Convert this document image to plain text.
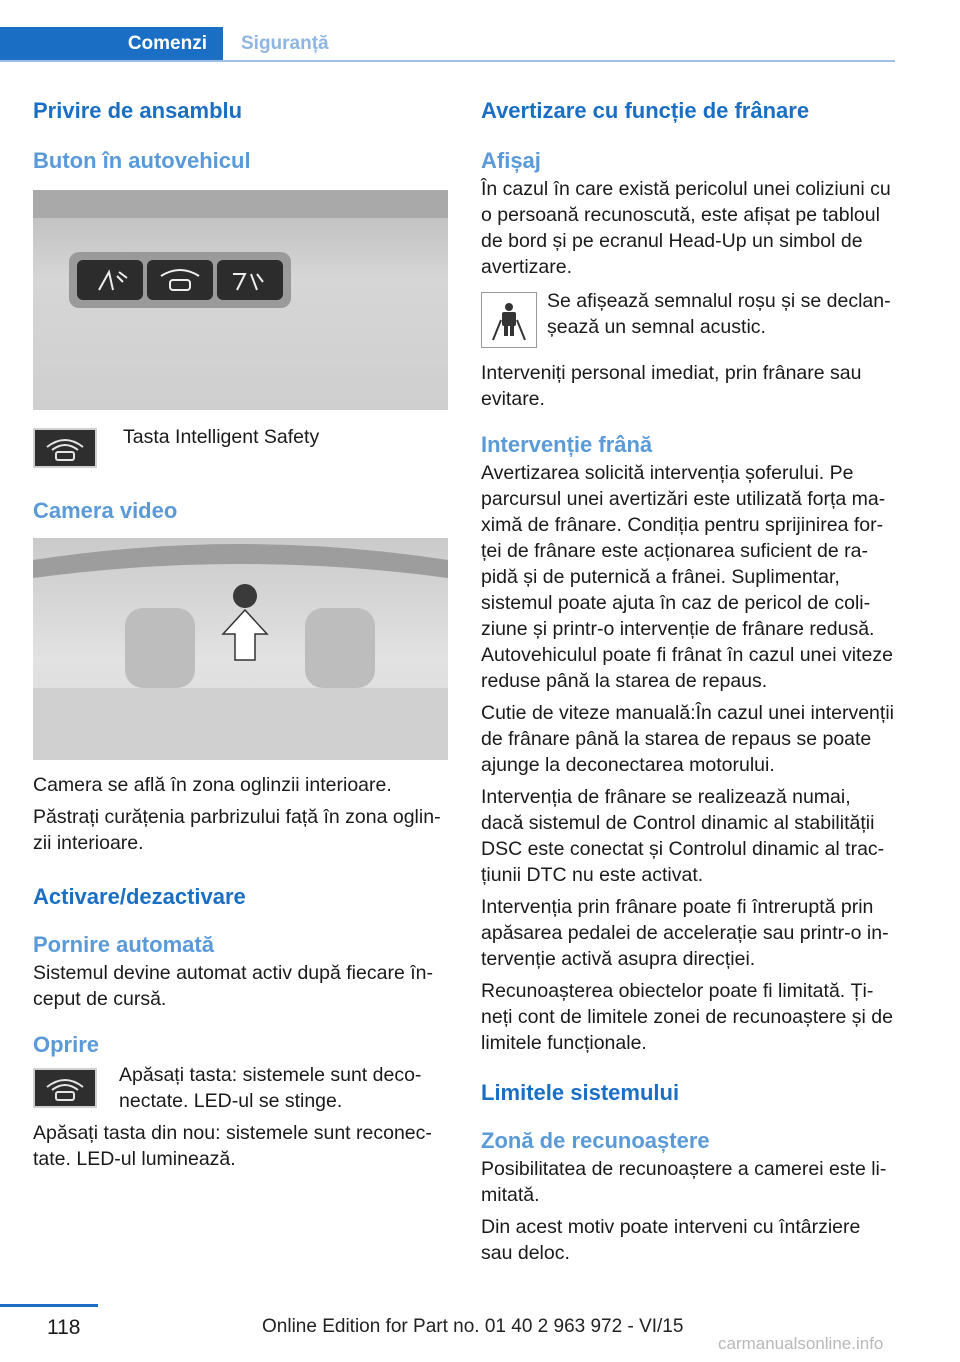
Comenzi	Siguranță
Privire de ansamblu
Buton în autovehicul

Tasta Intelligent Safety

Camera video

Camera se află în zona oglinzii interioare.

Păstrați curățenia parbrizului față în zona oglinzii interioare.

Activare/dezactivare
Pornire automată

Sistemul devine automat activ după fiecare început de cursă.

Oprire

Apăsați tasta: sistemele sunt deconectate. LED-ul se stinge.

Apăsați tasta din nou: sistemele sunt reconectate. LED-ul luminează.

Avertizare cu funcție de frânare
Afișaj

În cazul în care există pericolul unei coliziuni cu o persoană recunoscută, este afișat pe tabloul de bord și pe ecranul Head-Up un simbol de avertizare.

Se afișează semnalul roșu și se declanșează un semnal acustic.

Interveniți personal imediat, prin frânare sau evitare.

Intervenție frână

Avertizarea solicită intervenția șoferului. Pe parcursul unei avertizări este utilizată forța maximă de frânare. Condiția pentru sprijinirea forței de frânare este acționarea suficient de rapidă și de puternică a frânei. Suplimentar, sistemul poate ajuta în caz de pericol de coliziune și printr-o intervenție de frânare redusă. Autovehiculul poate fi frânat în cazul unei viteze reduse până la starea de repaus.

Cutie de viteze manuală:În cazul unei intervenții de frânare până la starea de repaus se poate ajunge la deconectarea motorului.

Intervenția de frânare se realizează numai, dacă sistemul de Control dinamic al stabilității DSC este conectat și Controlul dinamic al tracțiunii DTC nu este activat.

Intervenția prin frânare poate fi întreruptă prin apăsarea pedalei de accelerație sau printr-o intervenție activă asupra direcției.

Recunoașterea obiectelor poate fi limitată. Țineți cont de limitele zonei de recunoaștere și de limitele funcționale.

Limitele sistemului
Zonă de recunoaștere

Posibilitatea de recunoaștere a camerei este limitată.

Din acest motiv poate interveni cu întârziere sau deloc.

118	Online Edition for Part no. 01 40 2 963 972 - VI/15
carmanualsonline.info
